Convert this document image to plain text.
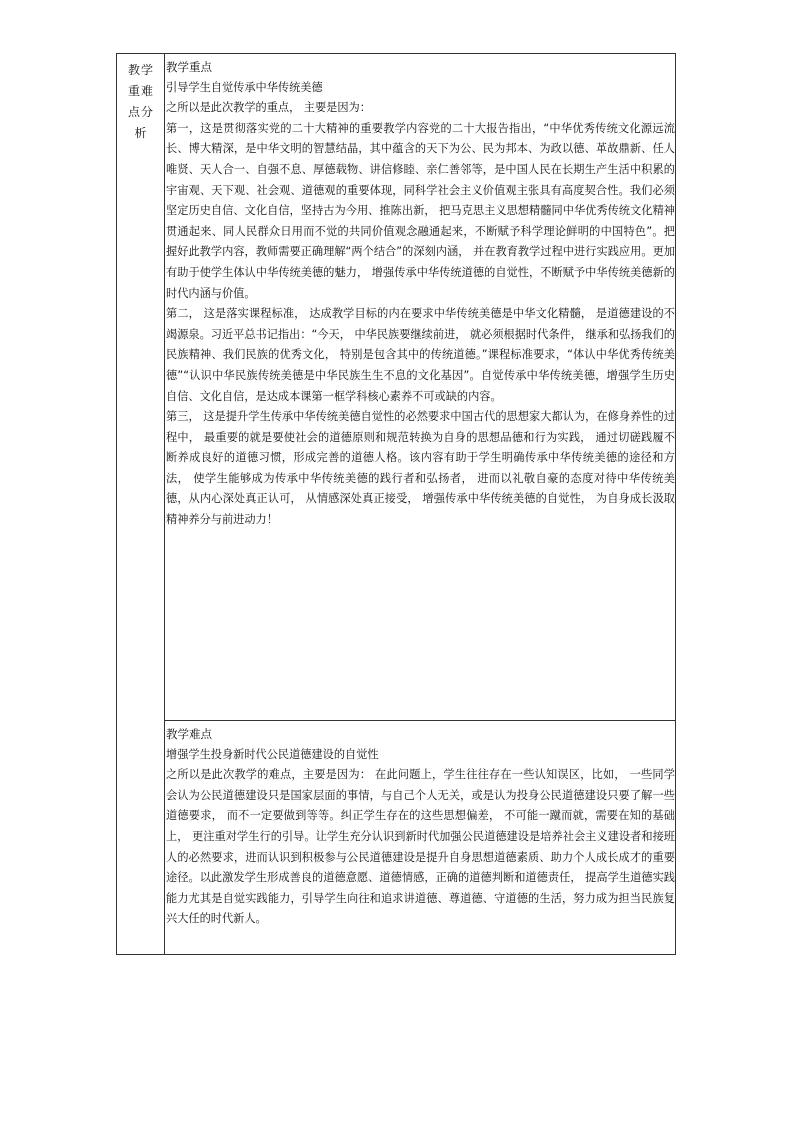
教学重难点分析

教学重点

引导学生自觉传承中华传统美德

之所以是此次教学的重点， 主要是因为：

第一，这是贯彻落实党的二十大精神的重要教学内容党的二十大报告指出，“中华优秀传统文化源远流长、博大精深，是中华文明的智慧结晶，其中蕴含的天下为公、民为邦本、为政以德、革故鼎新、任人唯贤、天人合一、自强不息、厚德载物、讲信修睦、亲仁善邻等，是中国人民在长期生产生活中积累的宇宙观、天下观、社会观、道德观的重要体现，同科学社会主义价值观主张具有高度契合性。我们必须坚定历史自信、文化自信，坚持古为今用、推陈出新， 把马克思主义思想精髓同中华优秀传统文化精神贯通起来、同人民群众日用而不觉的共同价值观念融通起来，不断赋予科学理论鲜明的中国特色”。把握好此教学内容，教师需要正确理解“两个结合”的深刻内涵， 并在教育教学过程中进行实践应用。更加有助于使学生体认中华传统美德的魅力， 增强传承中华传统道德的自觉性，不断赋予中华传统美德新的时代内涵与价值。

第二， 这是落实课程标准， 达成教学目标的内在要求中华传统美德是中华文化精髓， 是道德建设的不竭源泉。习近平总书记指出：“今天， 中华民族要继续前进， 就必须根据时代条件， 继承和弘扬我们的民族精神、我们民族的优秀文化， 特别是包含其中的传统道德。”课程标准要求，“体认中华优秀传统美德”“认识中华民族传统美德是中华民族生生不息的文化基因”。自觉传承中华传统美德，增强学生历史自信、文化自信，是达成本课第一框学科核心素养不可或缺的内容。

第三， 这是提升学生传承中华传统美德自觉性的必然要求中国古代的思想家大都认为，在修身养性的过程中， 最重要的就是要使社会的道德原则和规范转换为自身的思想品德和行为实践， 通过切磋践履不断养成良好的道德习惯，形成完善的道德人格。该内容有助于学生明确传承中华传统美德的途径和方法， 使学生能够成为传承中华传统美德的践行者和弘扬者， 进而以礼敬自豪的态度对待中华传统美德，从内心深处真正认可， 从情感深处真正接受， 增强传承中华传统美德的自觉性， 为自身成长汲取精神养分与前进动力！

教学难点

增强学生投身新时代公民道德建设的自觉性

之所以是此次教学的难点，主要是因为： 在此问题上，学生往往存在一些认知误区，比如， 一些同学会认为公民道德建设只是国家层面的事情，与自己个人无关，或是认为投身公民道德建设只要了解一些道德要求， 而不一定要做到等等。纠正学生存在的这些思想偏差， 不可能一蹴而就，需要在知的基础上， 更注重对学生行的引导。让学生充分认识到新时代加强公民道德建设是培养社会主义建设者和接班人的必然要求，进而认识到积极参与公民道德建设是提升自身思想道德素质、助力个人成长成才的重要途径。以此激发学生形成善良的道德意愿、道德情感，正确的道德判断和道德责任， 提高学生道德实践能力尤其是自觉实践能力，引导学生向往和追求讲道德、尊道德、守道德的生活，努力成为担当民族复兴大任的时代新人。
